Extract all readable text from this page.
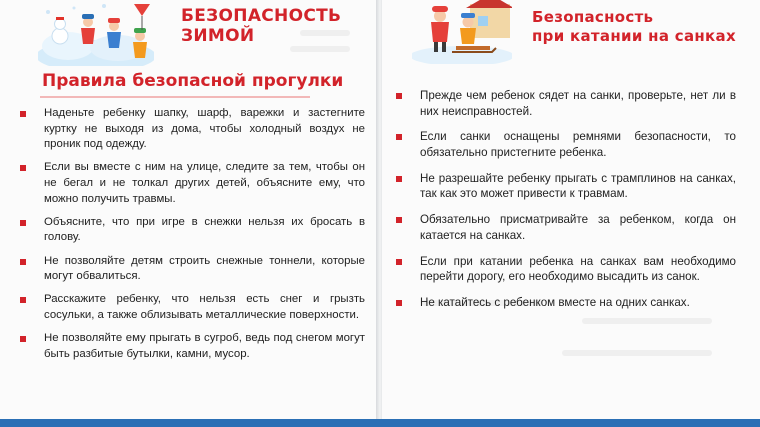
БЕЗОПАСНОСТЬ
ЗИМОЙ
Правила безопасной прогулки
Наденьте ребенку шапку, шарф, варежки и застегните куртку не выходя из дома, чтобы холодный воздух не проник под одежду.
Если вы вместе с ним на улице, следите за тем, чтобы он не бегал и не толкал других детей, объясните ему, что можно получить травмы.
Объясните, что при игре в снежки нельзя их бросать в голову.
Не позволяйте детям строить снежные тоннели, которые могут обвалиться.
Расскажите ребенку, что нельзя есть снег и грызть сосульки, а также облизывать металлические поверхности.
Не позволяйте ему прыгать в сугроб, ведь под снегом могут быть разбитые бутылки, камни, мусор.
Безопасность
при катании на санках
Прежде чем ребенок сядет на санки, проверьте, нет ли в них неисправностей.
Если санки оснащены ремнями безопасности, то обязательно пристегните ребенка.
Не разрешайте ребенку прыгать с трамплинов на санках, так как это может привести к травмам.
Обязательно присматривайте за ребенком, когда он катается на санках.
Если при катании ребенка на санках вам необходимо перейти дорогу, его необходимо высадить из санок.
Не катайтесь с ребенком вместе на одних санках.
